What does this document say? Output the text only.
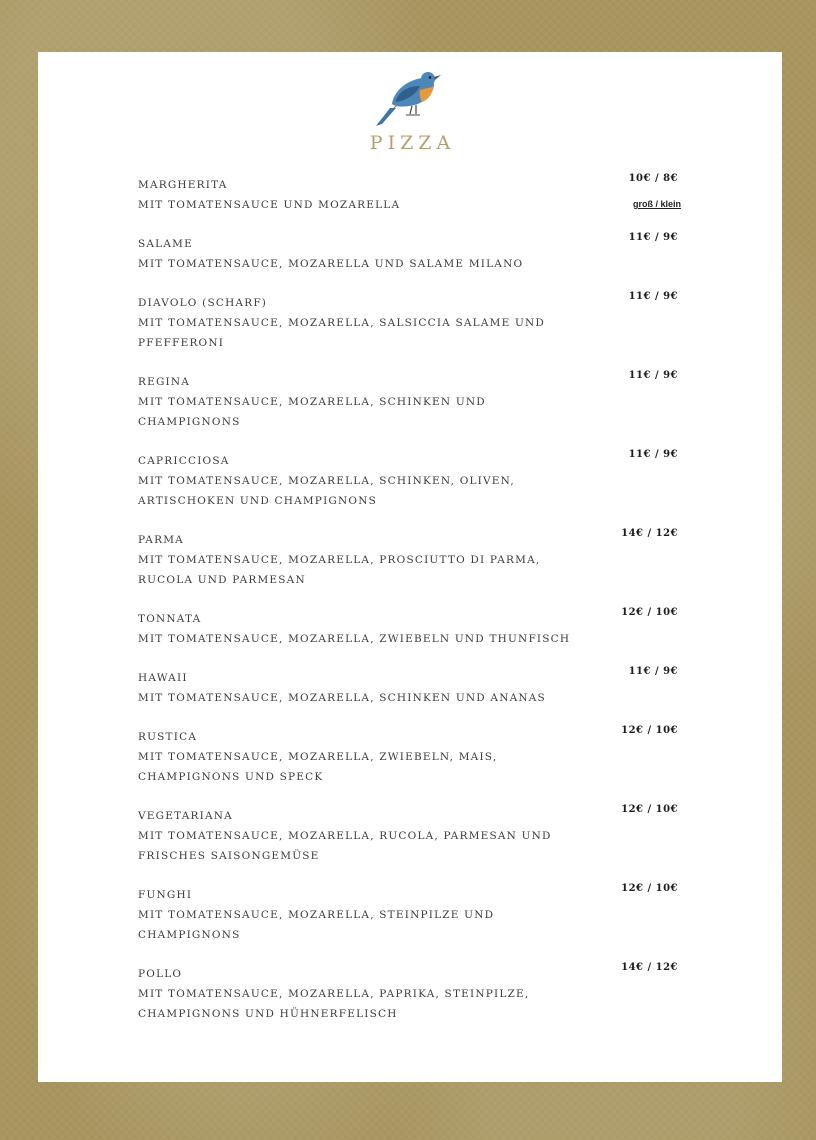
PIZZA
MARGHERITA
MIT TOMATENSAUCE UND MOZARELLA
10€ / 8€
groß / klein
SALAME
MIT TOMATENSAUCE, MOZARELLA UND SALAME MILANO
11€ / 9€
DIAVOLO (SCHARF)
MIT TOMATENSAUCE, MOZARELLA, SALSICCIA SALAME UND PFEFFERONI
11€ / 9€
REGINA
MIT TOMATENSAUCE, MOZARELLA, SCHINKEN UND CHAMPIGNONS
11€ / 9€
CAPRICCIOSA
MIT TOMATENSAUCE, MOZARELLA, SCHINKEN, OLIVEN, ARTISCHOKEN UND CHAMPIGNONS
11€ / 9€
PARMA
MIT TOMATENSAUCE, MOZARELLA, PROSCIUTTO DI PARMA, RUCOLA UND PARMESAN
14€ / 12€
TONNATA
MIT TOMATENSAUCE, MOZARELLA, ZWIEBELN UND THUNFISCH
12€ / 10€
HAWAII
MIT TOMATENSAUCE, MOZARELLA, SCHINKEN UND ANANAS
11€ / 9€
RUSTICA
MIT TOMATENSAUCE, MOZARELLA, ZWIEBELN, MAIS, CHAMPIGNONS UND SPECK
12€ / 10€
VEGETARIANA
MIT TOMATENSAUCE, MOZARELLA, RUCOLA, PARMESAN UND FRISCHES SAISONGEMÜSE
12€ / 10€
FUNGHI
MIT TOMATENSAUCE, MOZARELLA, STEINPILZE UND CHAMPIGNONS
12€ / 10€
POLLO
MIT TOMATENSAUCE, MOZARELLA, PAPRIKA, STEINPILZE, CHAMPIGNONS UND HÜHNERFELISCH
14€ / 12€
